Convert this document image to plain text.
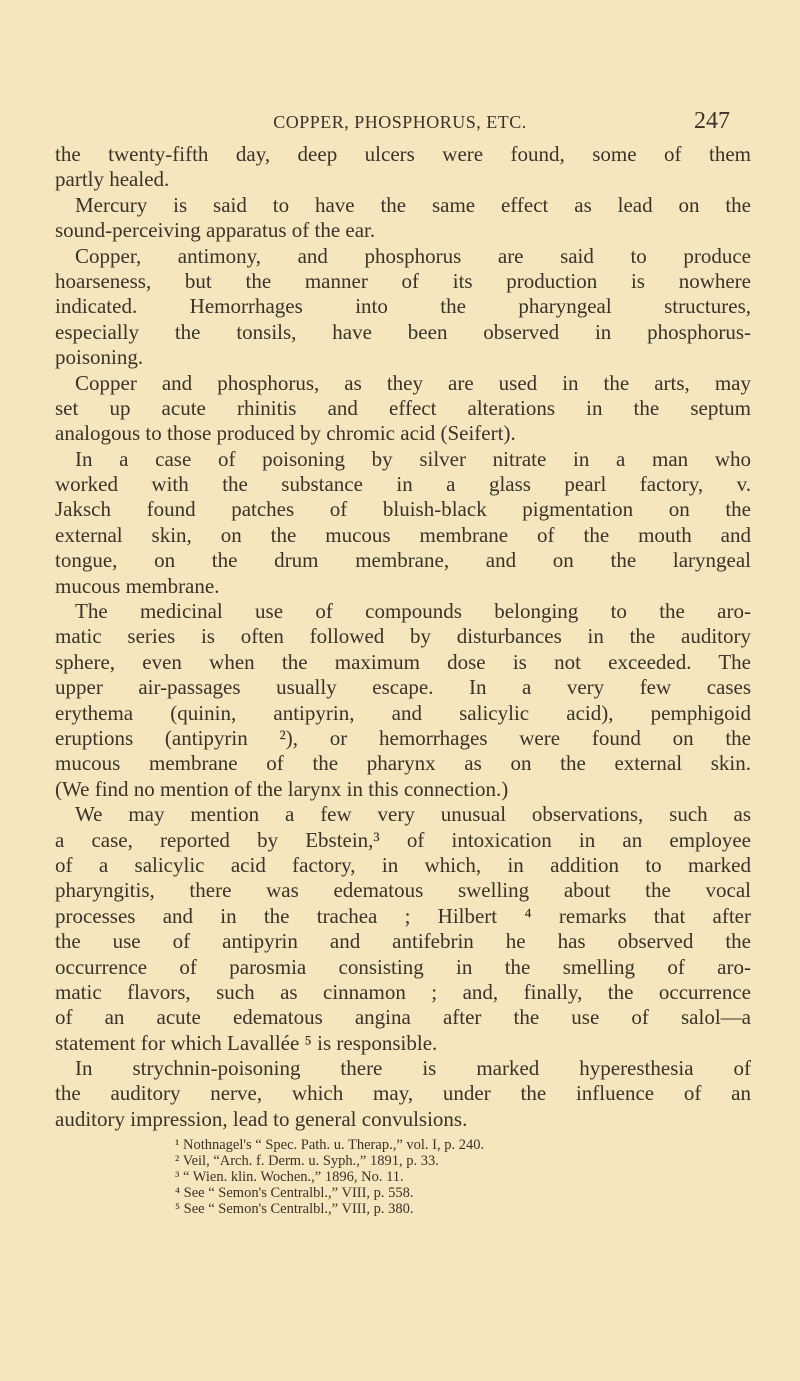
COPPER, PHOSPHORUS, ETC.	247
the twenty-fifth day, deep ulcers were found, some of them
partly healed.
Mercury is said to have the same effect as lead on the
sound-perceiving apparatus of the ear.
Copper, antimony, and phosphorus are said to produce
hoarseness, but the manner of its production is nowhere
indicated. Hemorrhages into the pharyngeal structures,
especially the tonsils, have been observed in phosphorus-
poisoning.
Copper and phosphorus, as they are used in the arts, may
set up acute rhinitis and effect alterations in the septum
analogous to those produced by chromic acid (Seifert).
In a case of poisoning by silver nitrate in a man who
worked with the substance in a glass pearl factory, v.
Jaksch found patches of bluish-black pigmentation on the
external skin, on the mucous membrane of the mouth and
tongue, on the drum membrane, and on the laryngeal
mucous membrane.
The medicinal use of compounds belonging to the aro-
matic series is often followed by disturbances in the auditory
sphere, even when the maximum dose is not exceeded. The
upper air-passages usually escape. In a very few cases
erythema (quinin, antipyrin, and salicylic acid), pemphigoid
eruptions (antipyrin ²), or hemorrhages were found on the
mucous membrane of the pharynx as on the external skin.
(We find no mention of the larynx in this connection.)
We may mention a few very unusual observations, such as
a case, reported by Ebstein,³ of intoxication in an employee
of a salicylic acid factory, in which, in addition to marked
pharyngitis, there was edematous swelling about the vocal
processes and in the trachea ; Hilbert ⁴ remarks that after
the use of antipyrin and antifebrin he has observed the
occurrence of parosmia consisting in the smelling of aro-
matic flavors, such as cinnamon ; and, finally, the occurrence
of an acute edematous angina after the use of salol—a
statement for which Lavallée ⁵ is responsible.
In strychnin-poisoning there is marked hyperesthesia of
the auditory nerve, which may, under the influence of an
auditory impression, lead to general convulsions.
¹ Nothnagel's “ Spec. Path. u. Therap.,” vol. I, p. 240.
² Veil, “Arch. f. Derm. u. Syph.,” 1891, p. 33.
³ “ Wien. klin. Wochen.,” 1896, No. 11.
⁴ See “ Semon's Centralbl.,” VIII, p. 558.
⁵ See “ Semon's Centralbl.,” VIII, p. 380.
